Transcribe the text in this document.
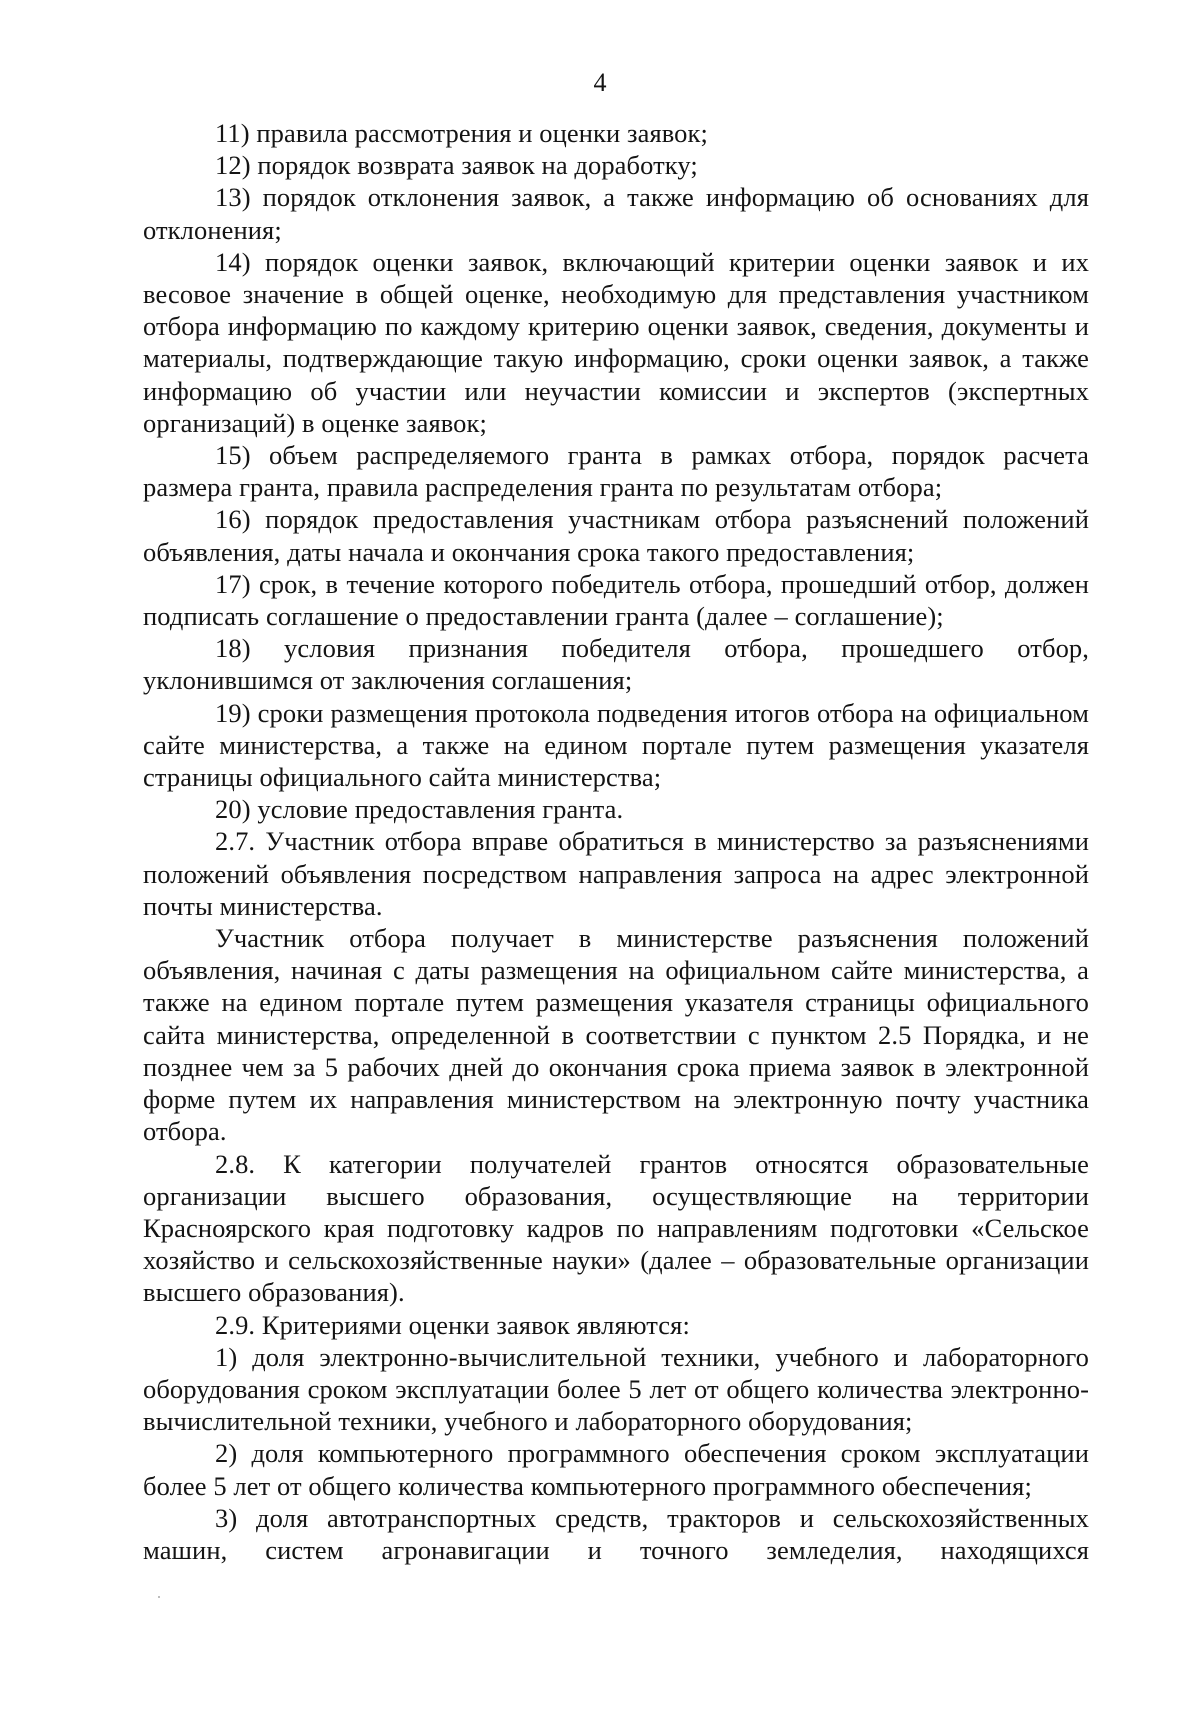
4

11) правила рассмотрения и оценки заявок;

12) порядок возврата заявок на доработку;

13) порядок отклонения заявок, а также информацию об основаниях для отклонения;

14) порядок оценки заявок, включающий критерии оценки заявок и их весовое значение в общей оценке, необходимую для представления участником отбора информацию по каждому критерию оценки заявок, сведения, документы и материалы, подтверждающие такую информацию, сроки оценки заявок, а также информацию об участии или неучастии комиссии и экспертов (экспертных организаций) в оценке заявок;

15) объем распределяемого гранта в рамках отбора, порядок расчета размера гранта, правила распределения гранта по результатам отбора;

16) порядок предоставления участникам отбора разъяснений положений объявления, даты начала и окончания срока такого предоставления;

17) срок, в течение которого победитель отбора, прошедший отбор, должен подписать соглашение о предоставлении гранта (далее – соглашение);

18) условия признания победителя отбора, прошедшего отбор, уклонившимся от заключения соглашения;

19) сроки размещения протокола подведения итогов отбора на официальном сайте министерства, а также на едином портале путем размещения указателя страницы официального сайта министерства;

20) условие предоставления гранта.

2.7. Участник отбора вправе обратиться в министерство за разъяснениями положений объявления посредством направления запроса на адрес электронной почты министерства.

Участник отбора получает в министерстве разъяснения положений объявления, начиная с даты размещения на официальном сайте министерства, а также на едином портале путем размещения указателя страницы официального сайта министерства, определенной в соответствии с пунктом 2.5 Порядка, и не позднее чем за 5 рабочих дней до окончания срока приема заявок в электронной форме путем их направления министерством на электронную почту участника отбора.

2.8. К категории получателей грантов относятся образовательные организации высшего образования, осуществляющие на территории Красноярского края подготовку кадров по направлениям подготовки «Сельское хозяйство и сельскохозяйственные науки» (далее – образовательные организации высшего образования).

2.9. Критериями оценки заявок являются:

1) доля электронно-вычислительной техники, учебного и лабораторного оборудования сроком эксплуатации более 5 лет от общего количества электронно-вычислительной техники, учебного и лабораторного оборудования;

2) доля компьютерного программного обеспечения сроком эксплуатации более 5 лет от общего количества компьютерного программного обеспечения;

3) доля автотранспортных средств, тракторов и сельскохозяйственных машин, систем агронавигации и точного земледелия, находящихся
